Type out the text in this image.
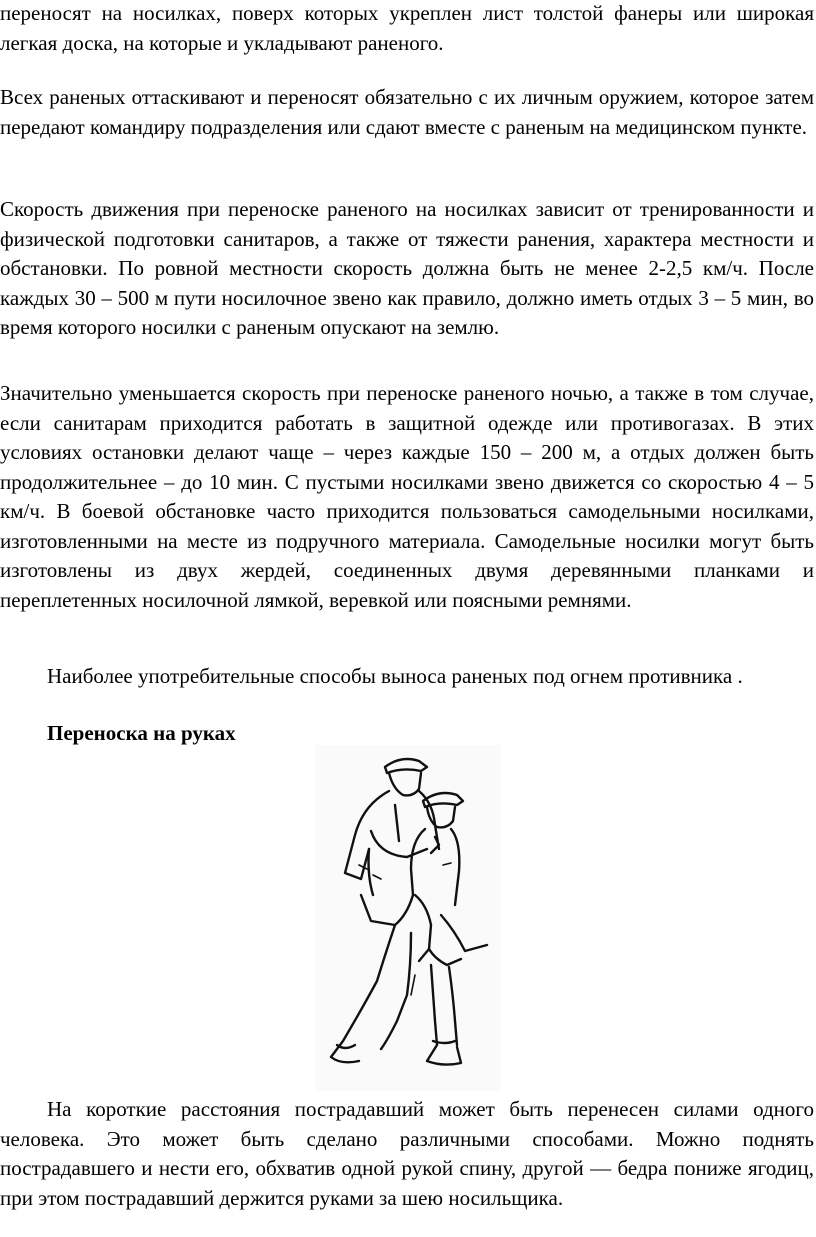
переносят на носилках, поверх которых укреплен лист толстой фанеры или широкая легкая доска, на которые и укладывают раненого.

Всех раненых оттаскивают и переносят обязательно с их личным оружием, которое затем передают командиру подразделения или сдают вместе с раненым на медицинском пункте.

Скорость движения при переноске раненого на носилках зависит от тренированности и физической подготовки санитаров, а также от тяжести ранения, характера местности и обстановки. По ровной местности скорость должна быть не менее 2-2,5 км/ч. После каждых 30 – 500 м пути носилочное звено как правило, должно иметь отдых 3 – 5 мин, во время которого носилки с раненым опускают на землю.

Значительно уменьшается скорость при переноске раненого ночью, а также в том случае, если санитарам приходится работать в защитной одежде или противогазах. В этих условиях остановки делают чаще – через каждые 150 – 200 м, а отдых должен быть продолжительнее – до 10 мин. С пустыми носилками звено движется со скоростью 4 – 5 км/ч. В боевой обстановке часто приходится пользоваться самодельными носилками, изготовленными на месте из подручного материала. Самодельные носилки могут быть изготовлены из двух жердей, соединенных двумя деревянными планками и переплетенных носилочной лямкой, веревкой или поясными ремнями.

Наиболее употребительные способы выноса раненых под огнем противника .

Переноска на руках

На короткие расстояния пострадавший может быть перенесен силами одного человека. Это может быть сделано различными способами. Можно поднять пострадавшего и нести его, обхватив одной рукой спину, другой — бедра пониже ягодиц, при этом пострадавший держится руками за шею носильщика.
